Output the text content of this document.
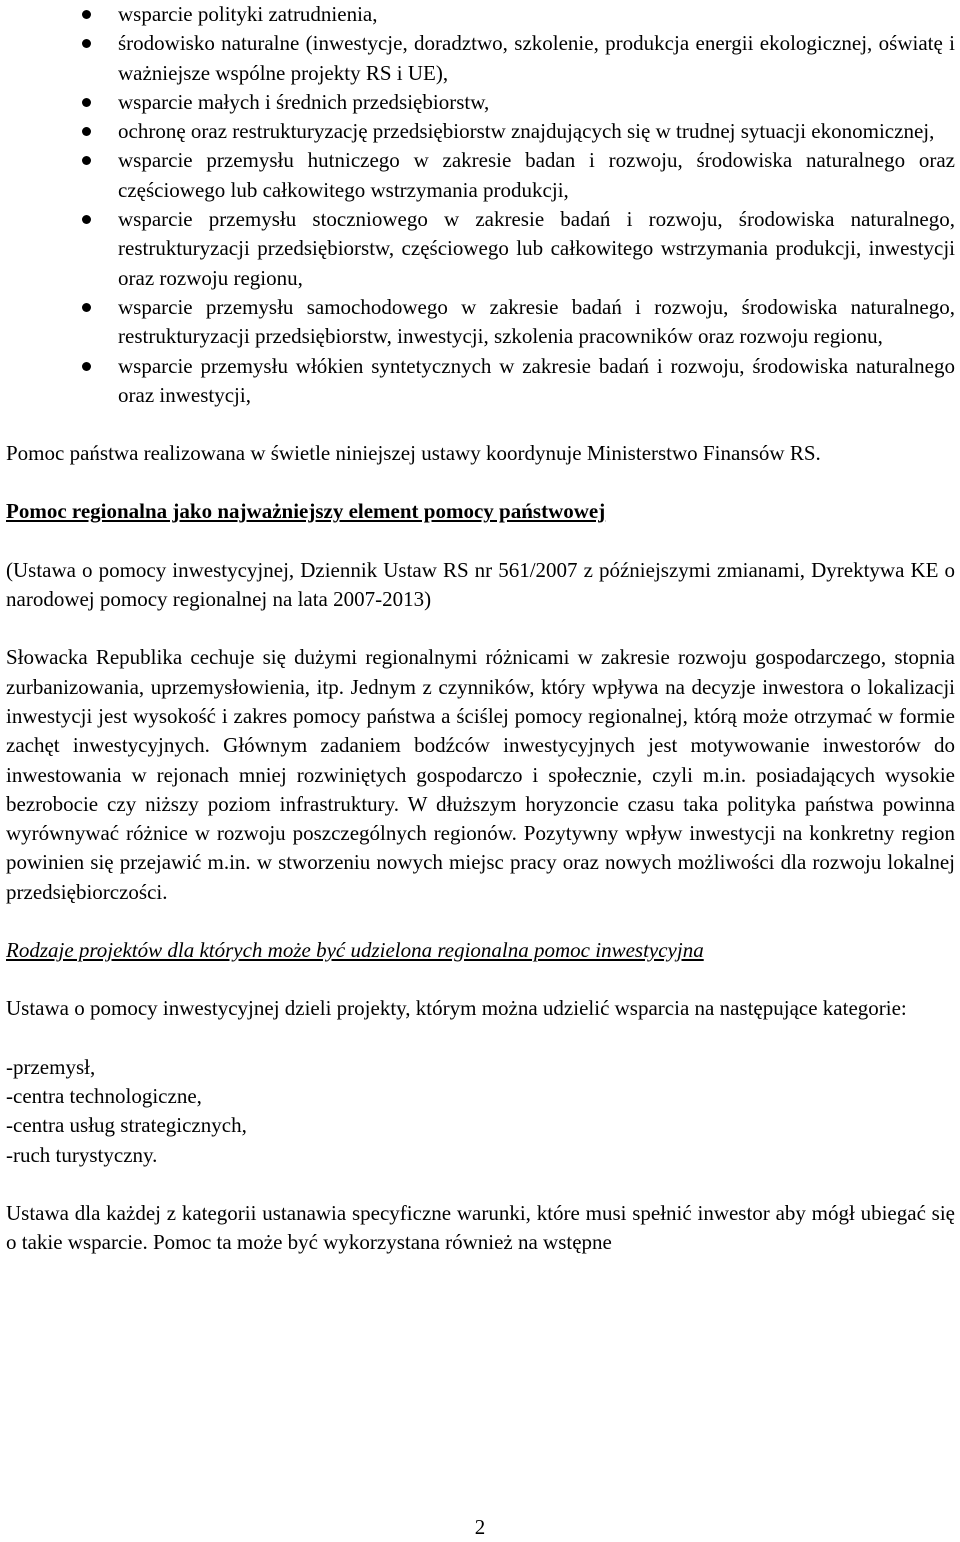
wsparcie polityki zatrudnienia,
środowisko naturalne (inwestycje, doradztwo, szkolenie, produkcja energii ekologicznej, oświatę i ważniejsze wspólne projekty RS i UE),
wsparcie małych i średnich przedsiębiorstw,
ochronę oraz restrukturyzację przedsiębiorstw znajdujących się w trudnej sytuacji ekonomicznej,
wsparcie przemysłu hutniczego w zakresie badan i rozwoju, środowiska naturalnego oraz częściowego lub całkowitego wstrzymania produkcji,
wsparcie przemysłu stoczniowego w zakresie badań i rozwoju, środowiska naturalnego, restrukturyzacji przedsiębiorstw, częściowego lub całkowitego wstrzymania produkcji, inwestycji oraz rozwoju regionu,
wsparcie przemysłu samochodowego w zakresie badań i rozwoju, środowiska naturalnego, restrukturyzacji przedsiębiorstw, inwestycji, szkolenia pracowników oraz rozwoju regionu,
wsparcie przemysłu włókien syntetycznych w zakresie badań i rozwoju, środowiska naturalnego oraz inwestycji,

Pomoc państwa realizowana w świetle niniejszej ustawy koordynuje Ministerstwo Finansów RS.

Pomoc regionalna jako najważniejszy element pomocy państwowej

(Ustawa o pomocy inwestycyjnej, Dziennik Ustaw RS nr 561/2007 z późniejszymi zmianami, Dyrektywa KE o narodowej pomocy regionalnej na lata 2007-2013)

Słowacka Republika cechuje się dużymi regionalnymi różnicami w zakresie rozwoju gospodarczego, stopnia zurbanizowania, uprzemysłowienia, itp. Jednym z czynników, który wpływa na decyzje inwestora o lokalizacji inwestycji jest wysokość i zakres pomocy państwa a ściślej pomocy regionalnej, którą może otrzymać w formie zachęt inwestycyjnych. Głównym zadaniem bodźców inwestycyjnych jest motywowanie inwestorów do inwestowania w rejonach mniej rozwiniętych gospodarczo i społecznie, czyli m.in. posiadających wysokie bezrobocie czy niższy poziom infrastruktury. W dłuższym horyzoncie czasu taka polityka państwa powinna wyrównywać różnice w rozwoju poszczególnych regionów. Pozytywny wpływ inwestycji na konkretny region powinien się przejawić m.in. w stworzeniu nowych miejsc pracy oraz nowych możliwości dla rozwoju lokalnej przedsiębiorczości.

Rodzaje projektów dla których może być udzielona regionalna pomoc inwestycyjna

Ustawa o pomocy inwestycyjnej dzieli projekty, którym można udzielić wsparcia na następujące kategorie:

-przemysł,
-centra technologiczne,
-centra usług strategicznych,
-ruch turystyczny.

Ustawa dla każdej z kategorii ustanawia specyficzne warunki, które musi spełnić inwestor aby mógł ubiegać się o takie wsparcie. Pomoc ta może być wykorzystana również na wstępne

2
